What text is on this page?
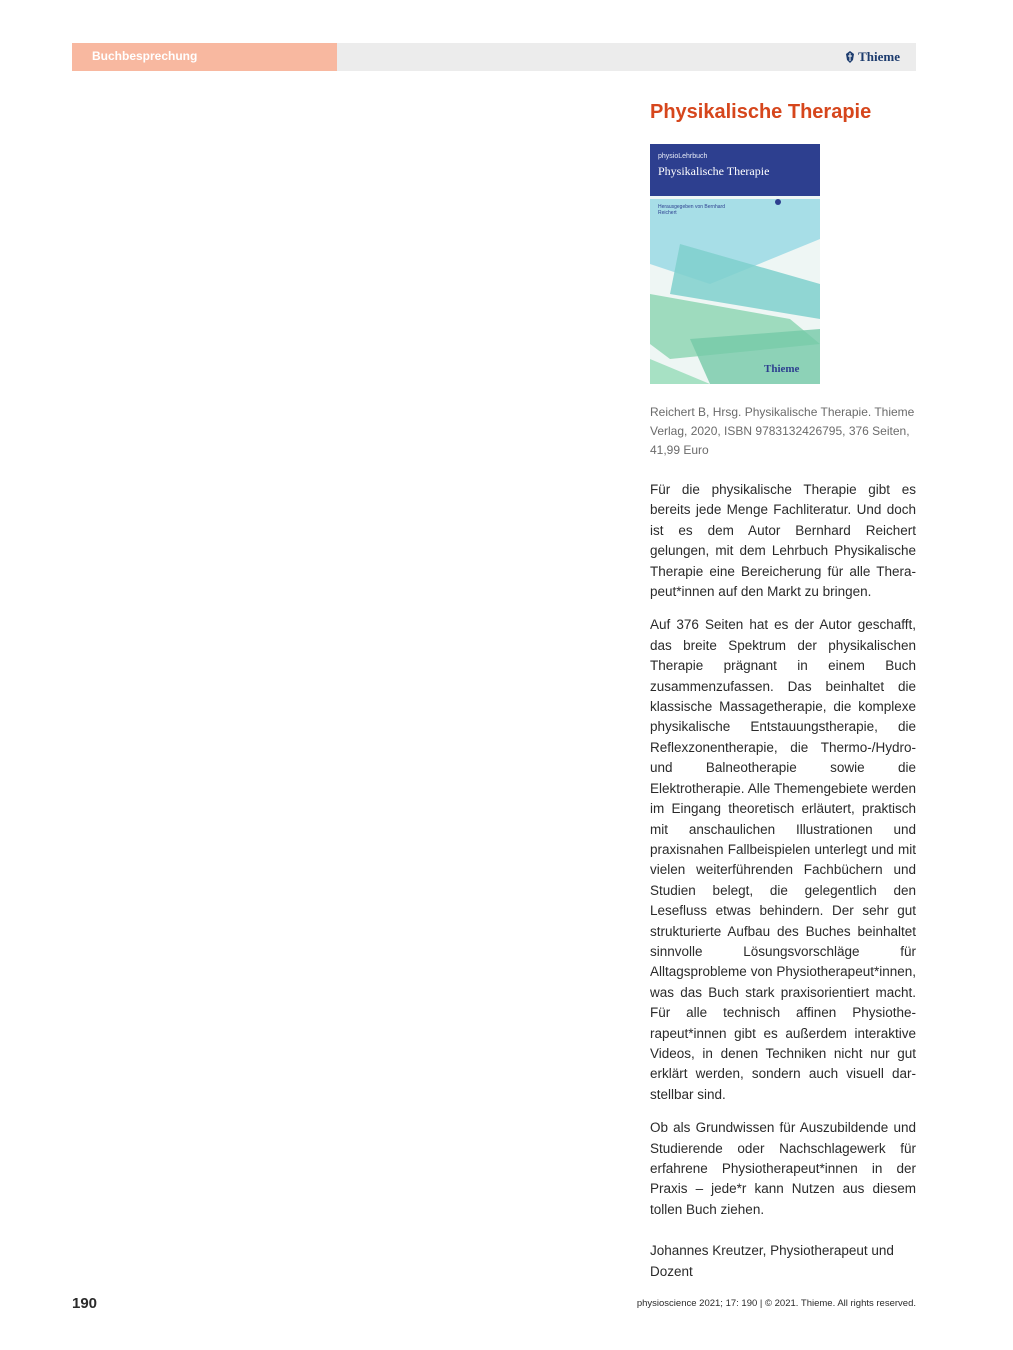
Buchbesprechung	Thieme
Physikalische Therapie
physioLehrbuch
Physikalische Therapie
Herausgegeben von Bernhard Reichert
Thieme

Reichert B, Hrsg. Physikalische Therapie. Thieme Verlag, 2020, ISBN 9783132426795, 376 Seiten, 41,99 Euro

Für die physikalische Therapie gibt es bereits jede Menge Fachliteratur. Und doch ist es dem Autor Bernhard Reichert gelungen, mit dem Lehrbuch Physikalische Therapie eine Bereicherung für alle Therapeut*innen auf den Markt zu bringen.

Auf 376 Seiten hat es der Autor geschafft, das breite Spektrum der physikalischen Therapie prägnant in einem Buch zusammenzufassen. Das beinhaltet die klassische Massagetherapie, die komplexe physikalische Entstauungstherapie, die Reflexzonentherapie, die Thermo-/Hydro- und Balneotherapie sowie die Elektrotherapie. Alle Themengebiete werden im Eingang theoretisch erläutert, praktisch mit anschaulichen Illustrationen und praxisnahen Fallbeispielen unterlegt und mit vielen weiterführenden Fachbüchern und Studien belegt, die gelegentlich den Lesefluss etwas behindern. Der sehr gut strukturierte Aufbau des Buches beinhaltet sinnvolle Lösungsvorschläge für Alltagsprobleme von Physiotherapeut*innen, was das Buch stark praxisorientiert macht. Für alle technisch affinen Physiotherapeut*innen gibt es außerdem interaktive Videos, in denen Techniken nicht nur gut erklärt werden, sondern auch visuell darstellbar sind.

Ob als Grundwissen für Auszubildende und Studierende oder Nachschlagewerk für erfahrene Physiotherapeut*innen in der Praxis – jede*r kann Nutzen aus diesem tollen Buch ziehen.

Johannes Kreutzer, Physiotherapeut und Dozent

190	physioscience 2021; 17: 190 | © 2021. Thieme. All rights reserved.
